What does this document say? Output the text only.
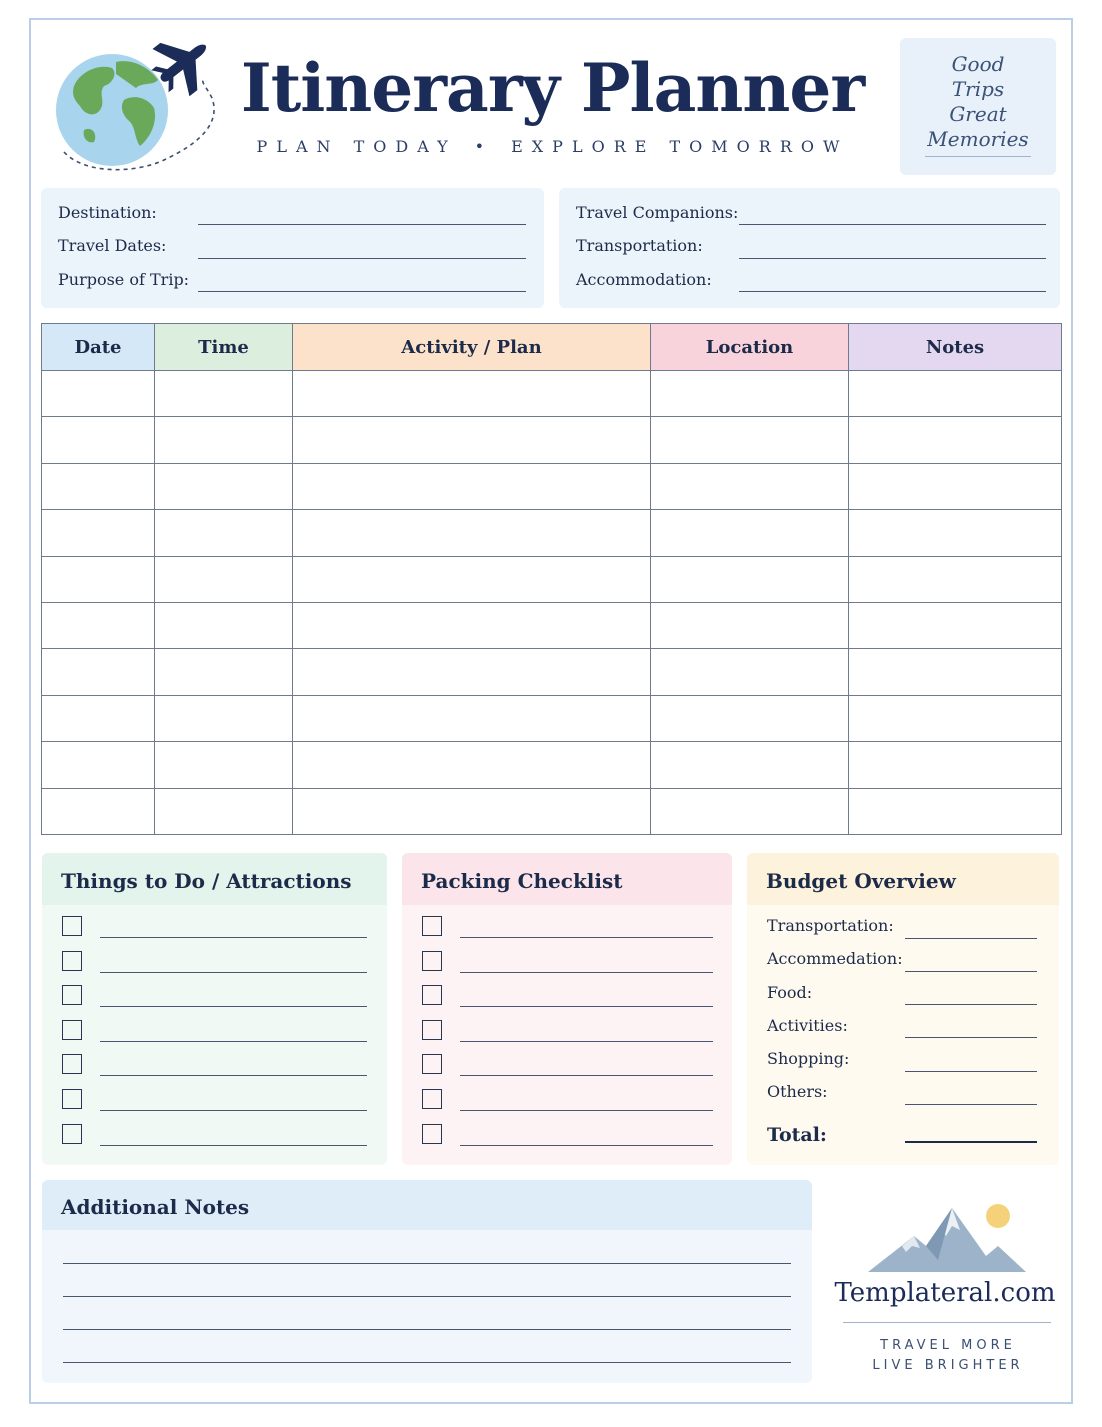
Itinerary Planner
PLAN TODAY • EXPLORE TOMORROW
Good
Trips
Great
Memories
Destination:
Travel Dates:
Purpose of Trip:
Travel Companions:
Transportation:
Accommodation:
Date	Time	Activity / Plan	Location	Notes

Things to Do / Attractions	Packing Checklist	Budget Overview
Transportation:
Accommedation:
Food:
Activities:
Shopping:
Others:
Total:
Additional Notes
Templateral.com
TRAVEL MORE
LIVE BRIGHTER
